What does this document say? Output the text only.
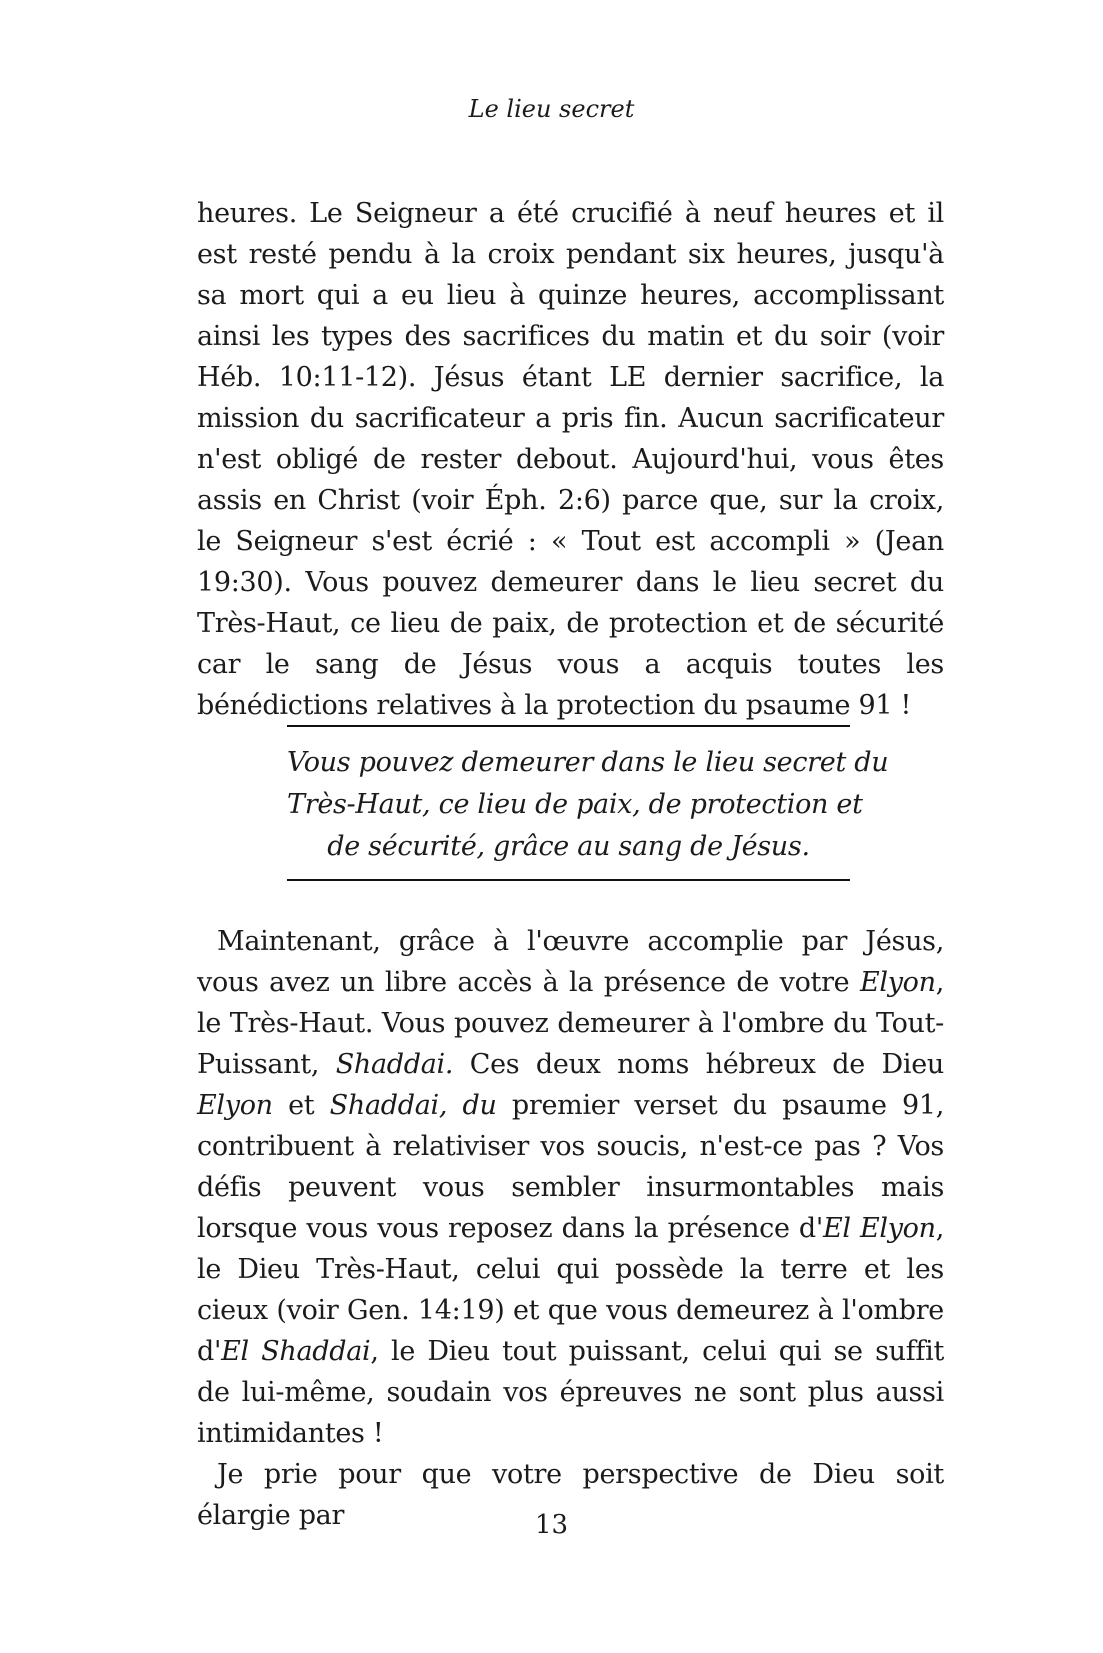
Le lieu secret

heures. Le Seigneur a été crucifié à neuf heures et il est resté pendu à la croix pendant six heures, jusqu'à sa mort qui a eu lieu à quinze heures, accomplissant ainsi les types des sacrifices du matin et du soir (voir Héb. 10:11-12). Jésus étant LE dernier sacrifice, la mission du sacrificateur a pris fin. Aucun sacrificateur n'est obligé de rester debout. Aujourd'hui, vous êtes assis en Christ (voir Éph. 2:6) parce que, sur la croix, le Seigneur s'est écrié : « Tout est accompli » (Jean 19:30). Vous pouvez demeurer dans le lieu secret du Très-Haut, ce lieu de paix, de protection et de sécurité car le sang de Jésus vous a acquis toutes les bénédictions relatives à la protection du psaume 91 !

Vous pouvez demeurer dans le lieu secret du
Très-Haut, ce lieu de paix, de protection et
de sécurité, grâce au sang de Jésus.

Maintenant, grâce à l'œuvre accomplie par Jésus, vous avez un libre accès à la présence de votre Elyon, le Très-Haut. Vous pouvez demeurer à l'ombre du Tout-Puissant, Shaddai. Ces deux noms hébreux de Dieu Elyon et Shaddai, du premier verset du psaume 91, contribuent à relativiser vos soucis, n'est-ce pas ? Vos défis peuvent vous sembler insurmontables mais lorsque vous vous reposez dans la présence d'El Elyon, le Dieu Très-Haut, celui qui possède la terre et les cieux (voir Gen. 14:19) et que vous demeurez à l'ombre d'El Shaddai, le Dieu tout puissant, celui qui se suffit de lui-même, soudain vos épreuves ne sont plus aussi intimidantes !

Je prie pour que votre perspective de Dieu soit élargie par	13
